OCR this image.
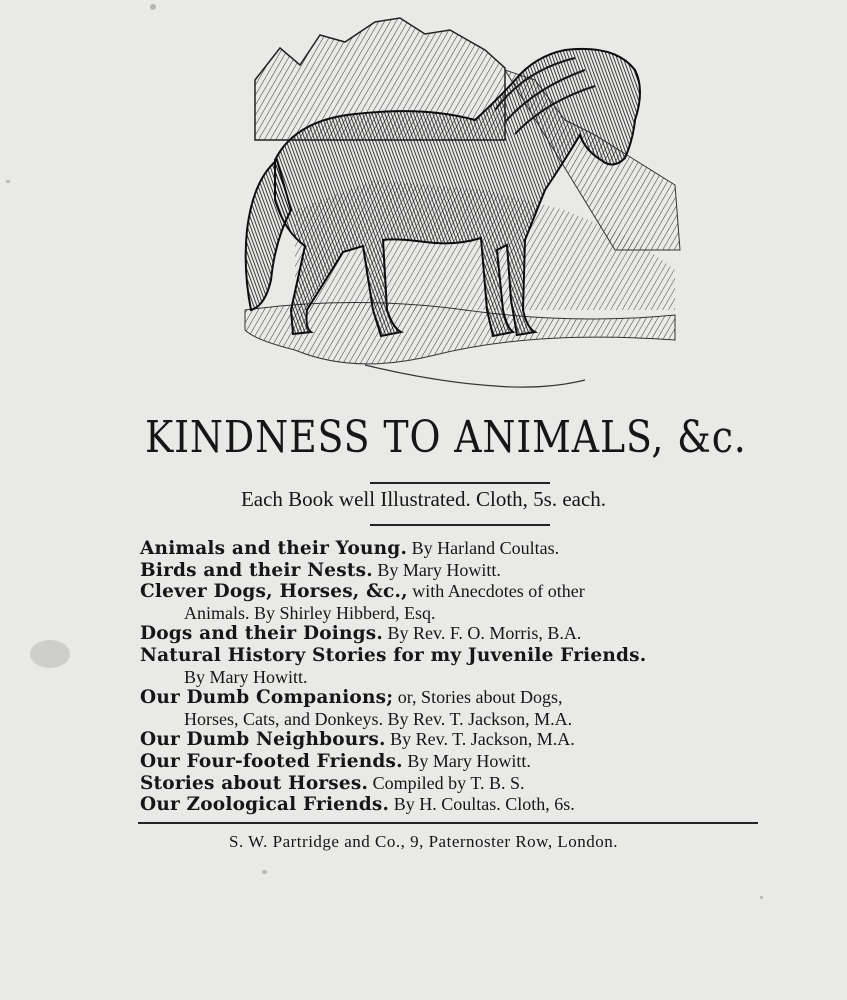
KINDNESS TO ANIMALS, &c.
Each Book well Illustrated. Cloth, 5s. each.
Animals and their Young. By Harland Coultas.
Birds and their Nests. By Mary Howitt.
Clever Dogs, Horses, &c., with Anecdotes of other
Animals. By Shirley Hibberd, Esq.
Dogs and their Doings. By Rev. F. O. Morris, B.A.
Natural History Stories for my Juvenile Friends.
By Mary Howitt.
Our Dumb Companions; or, Stories about Dogs,
Horses, Cats, and Donkeys. By Rev. T. Jackson, M.A.
Our Dumb Neighbours. By Rev. T. Jackson, M.A.
Our Four-footed Friends. By Mary Howitt.
Stories about Horses. Compiled by T. B. S.
Our Zoological Friends. By H. Coultas. Cloth, 6s.
S. W. Partridge and Co., 9, Paternoster Row, London.
